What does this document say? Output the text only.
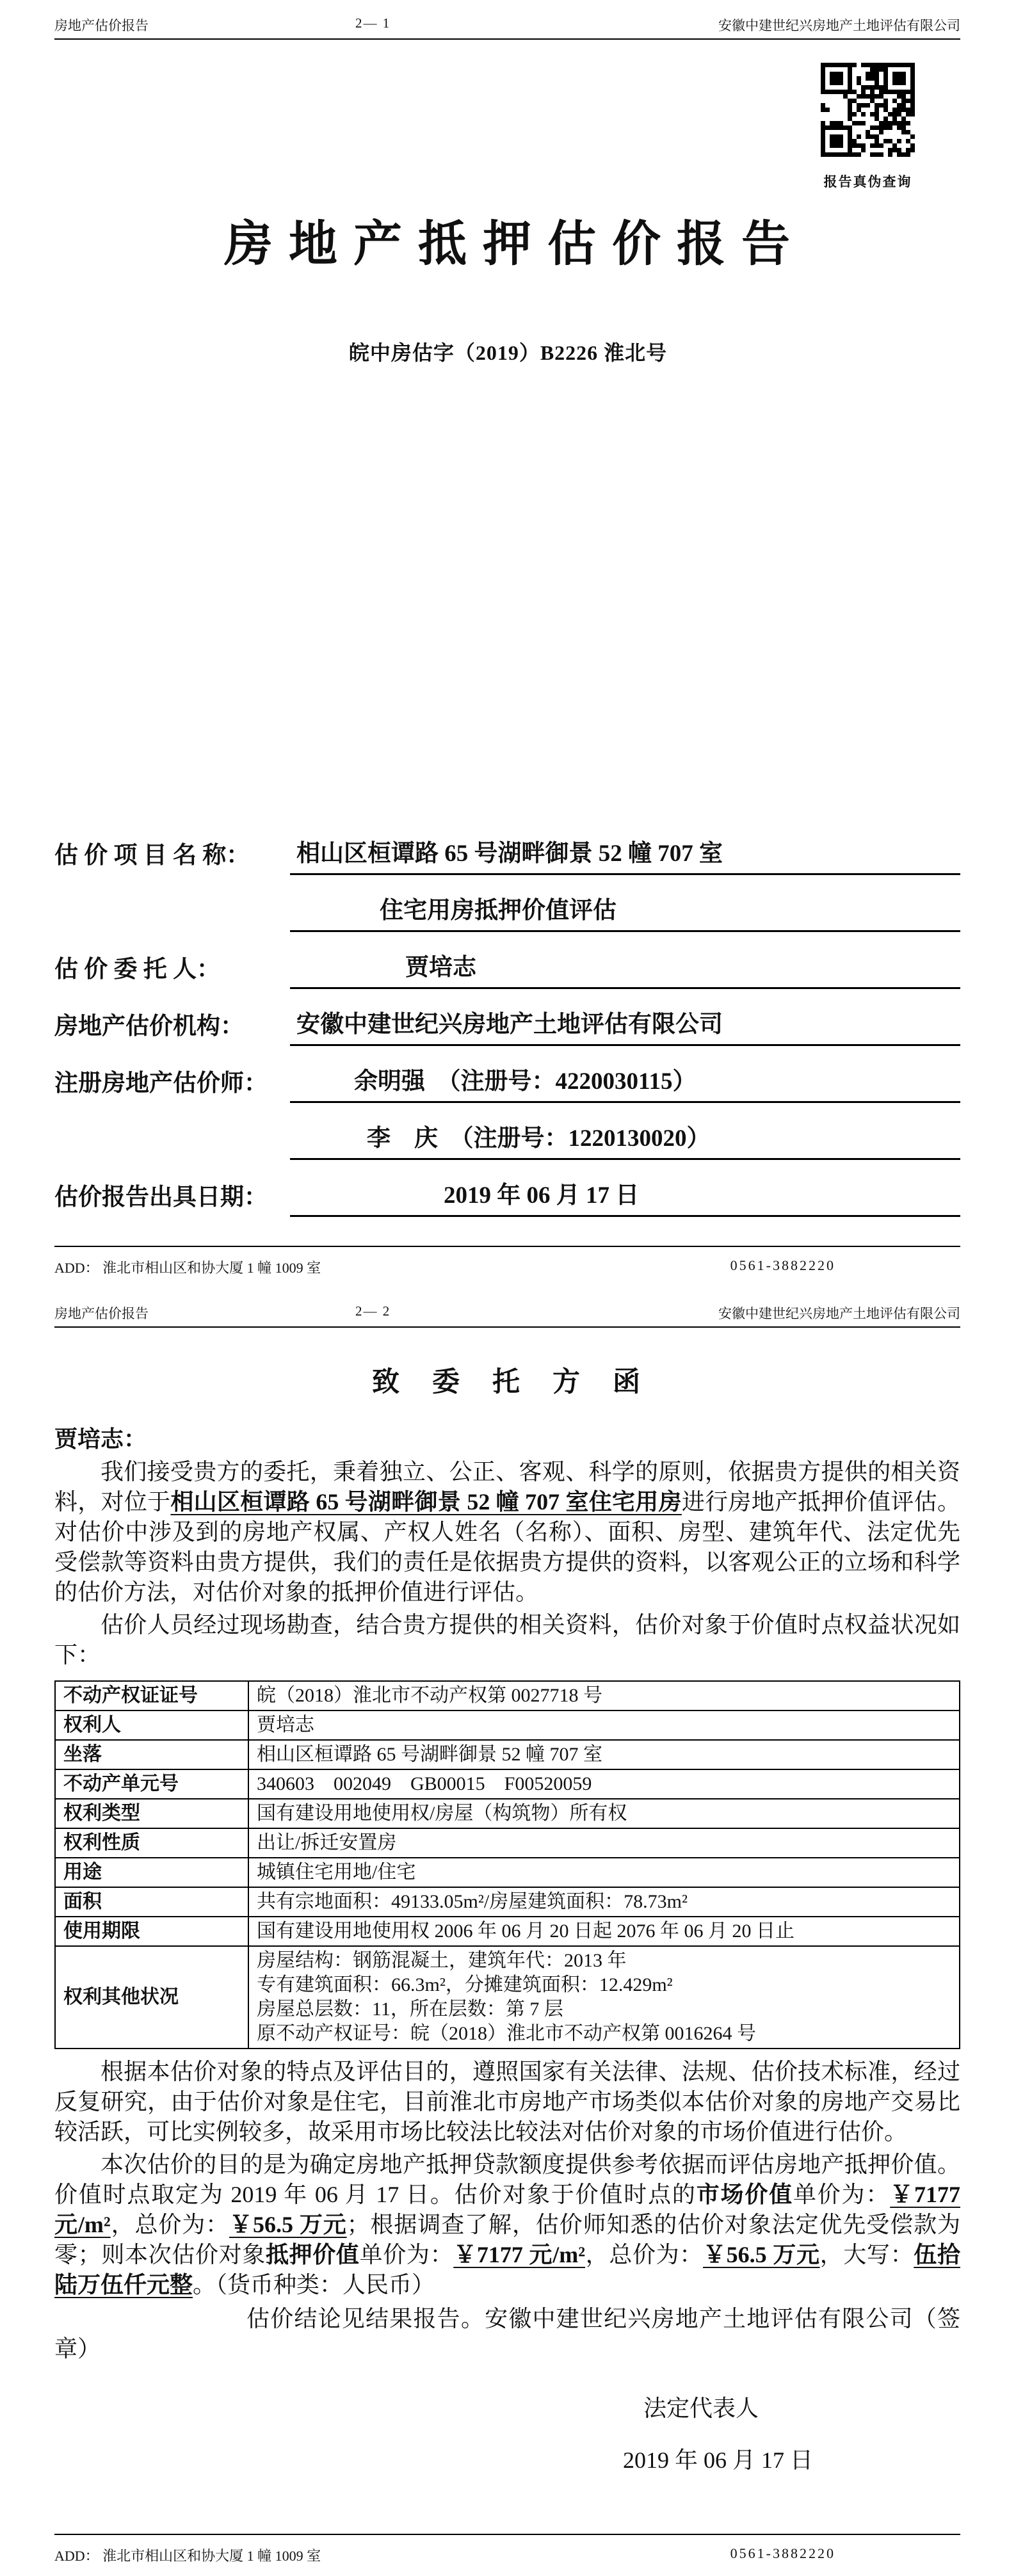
房地产估价报告	2— 1	安徽中建世纪兴房地产土地评估有限公司
报告真伪查询
房 地 产 抵 押 估 价 报 告
皖中房估字（2019）B2226 淮北号
估 价 项 目 名 称：	相山区桓谭路 65 号湖畔御景 52 幢 707 室
住宅用房抵押价值评估
估 价 委 托 人：	贾培志
房地产估价机构：	安徽中建世纪兴房地产土地评估有限公司
注册房地产估价师：	余明强　（注册号：4220030115）
李　庆　（注册号：1220130020）
估价报告出具日期：	2019 年 06 月 17 日
ADD： 淮北市相山区和协大厦 1 幢 1009 室	0561-3882220
房地产估价报告	2— 2	安徽中建世纪兴房地产土地评估有限公司
致　委　托　方　函

贾培志：

我们接受贵方的委托，秉着独立、公正、客观、科学的原则，依据贵方提供的相关资料，对位于相山区桓谭路 65 号湖畔御景 52 幢 707 室住宅用房进行房地产抵押价值评估。对估价中涉及到的房地产权属、产权人姓名（名称）、面积、房型、建筑年代、法定优先受偿款等资料由贵方提供，我们的责任是依据贵方提供的资料，以客观公正的立场和科学的估价方法，对估价对象的抵押价值进行评估。

估价人员经过现场勘查，结合贵方提供的相关资料，估价对象于价值时点权益状况如下：

不动产权证证号	皖（2018）淮北市不动产权第 0027718 号
权利人	贾培志
坐落	相山区桓谭路 65 号湖畔御景 52 幢 707 室
不动产单元号	340603　002049　GB00015　F00520059
权利类型	国有建设用地使用权/房屋（构筑物）所有权
权利性质	出让/拆迁安置房
用途	城镇住宅用地/住宅
面积	共有宗地面积：49133.05m²/房屋建筑面积：78.73m²
使用期限	国有建设用地使用权 2006 年 06 月 20 日起 2076 年 06 月 20 日止
权利其他状况	房屋结构：钢筋混凝土，建筑年代：2013 年
专有建筑面积：66.3m²，分摊建筑面积：12.429m²
房屋总层数：11，所在层数：第 7 层
原不动产权证号：皖（2018）淮北市不动产权第 0016264 号

根据本估价对象的特点及评估目的，遵照国家有关法律、法规、估价技术标准，经过反复研究，由于估价对象是住宅，目前淮北市房地产市场类似本估价对象的房地产交易比较活跃，可比实例较多，故采用市场比较法比较法对估价对象的市场价值进行估价。

本次估价的目的是为确定房地产抵押贷款额度提供参考依据而评估房地产抵押价值。价值时点取定为 2019 年 06 月 17 日。估价对象于价值时点的市场价值单价为：￥7177 元/m²，总价为：￥56.5 万元；根据调查了解，估价师知悉的估价对象法定优先受偿款为零；则本次估价对象抵押价值单价为：￥7177 元/m²，总价为：￥56.5 万元，大写：伍拾陆万伍仟元整。（货币种类：人民币）

估价结论见结果报告。安徽中建世纪兴房地产土地评估有限公司（签章）

法定代表人

2019 年 06 月 17 日

ADD： 淮北市相山区和协大厦 1 幢 1009 室	0561-3882220
